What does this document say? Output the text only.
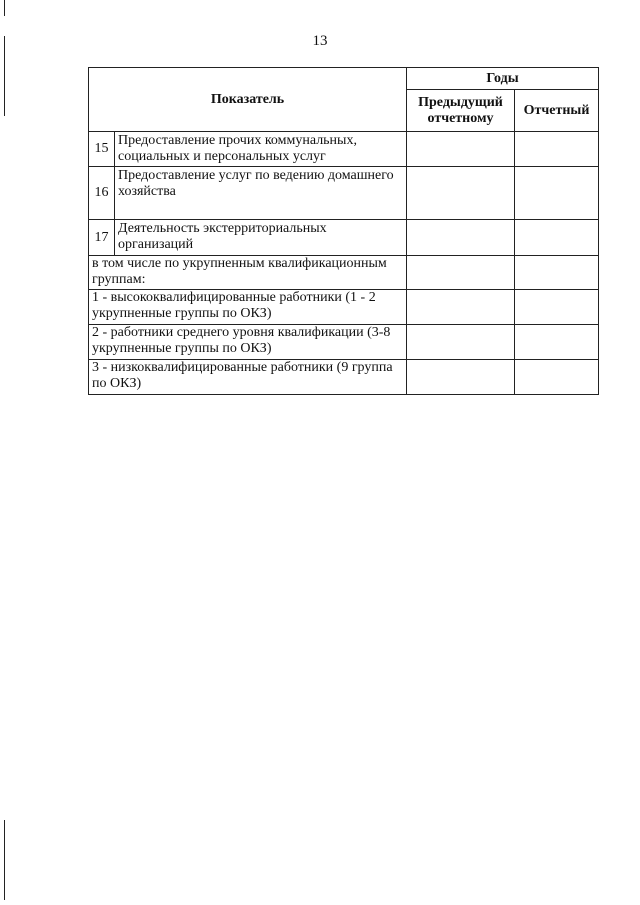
13
Показатель		Годы	
		Предыдущий отчетному	Отчетный
15	Предоставление прочих коммунальных, социальных и персональных услуг		
16	Предоставление услуг по ведению домашнего хозяйства		
17	Деятельность экстерриториальных организаций		
в том числе по укрупненным квалификационным группам:			
1 - высококвалифицированные работники (1 - 2 укрупненные группы по ОКЗ)			
2 - работники среднего уровня квалификации (3-8 укрупненные группы по ОКЗ)			
3 - низкоквалифицированные работники (9 группа по ОКЗ)			
